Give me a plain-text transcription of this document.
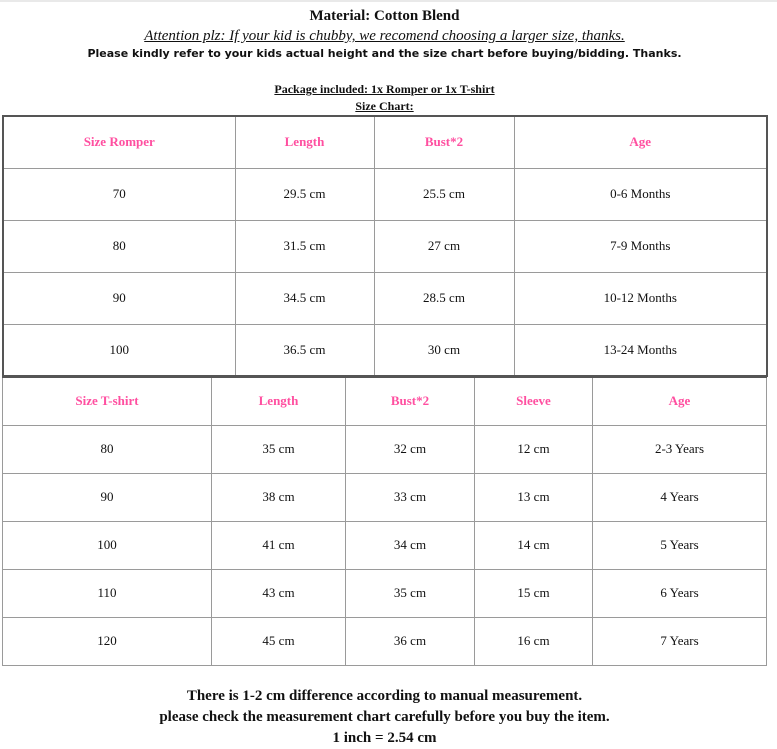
Material: Cotton Blend
Attention plz: If your kid is chubby, we recomend choosing a larger size, thanks.
Please kindly refer to your kids actual height and the size chart before buying/bidding. Thanks.
Package included: 1x Romper or 1x T-shirt
Size Chart:
Size Romper	Length	Bust*2	Age
70	29.5 cm	25.5 cm	0-6 Months
80	31.5 cm	27 cm	7-9 Months
90	34.5 cm	28.5 cm	10-12 Months
100	36.5 cm	30 cm	13-24 Months
Size T-shirt	Length	Bust*2	Sleeve	Age
80	35 cm	32 cm	12 cm	2-3 Years
90	38 cm	33 cm	13 cm	4 Years
100	41 cm	34 cm	14 cm	5 Years
110	43 cm	35 cm	15 cm	6 Years
120	45 cm	36 cm	16 cm	7 Years
There is 1-2 cm difference according to manual measurement.
please check the measurement chart carefully before you buy the item.
1 inch = 2.54 cm
